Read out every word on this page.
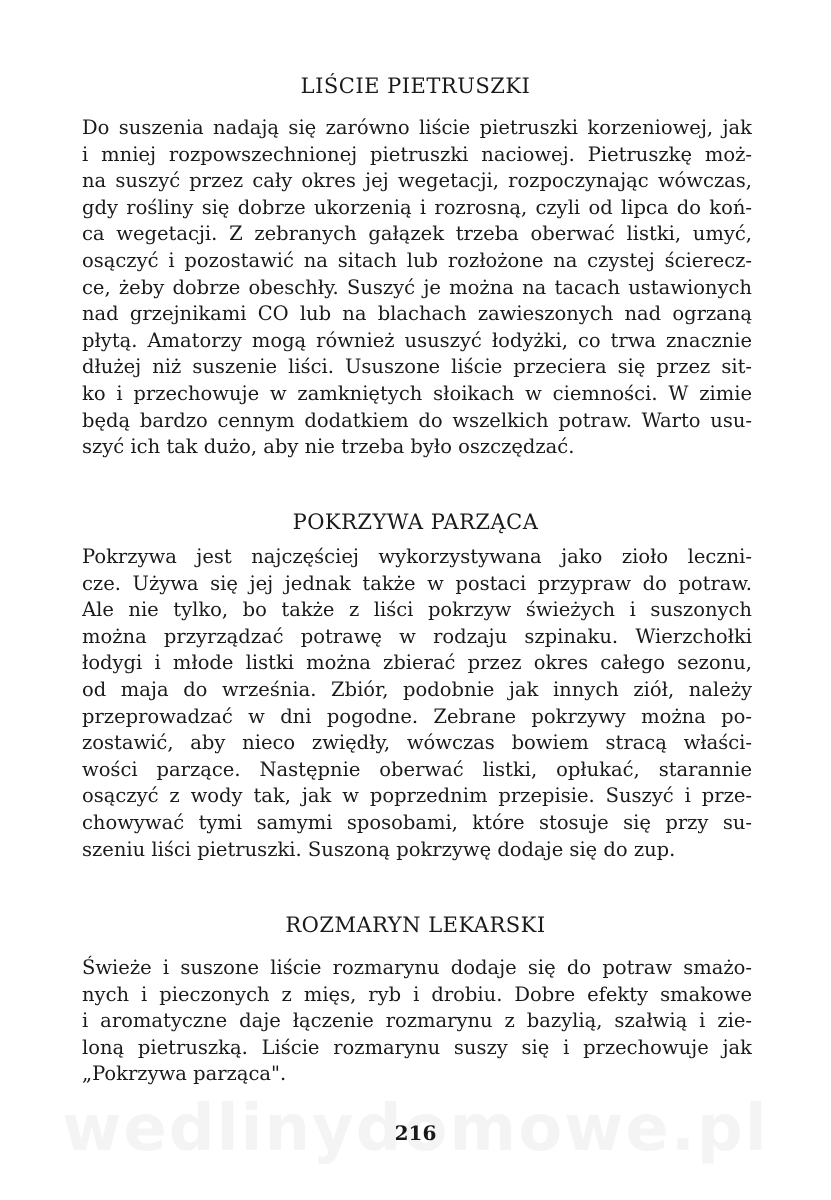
LIŚCIE PIETRUSZKI
Do suszenia nadają się zarówno liście pietruszki korzeniowej, jak
i mniej rozpowszechnionej pietruszki naciowej. Pietruszkę moż-
na suszyć przez cały okres jej wegetacji, rozpoczynając wówczas,
gdy rośliny się dobrze ukorzenią i rozrosną, czyli od lipca do koń-
ca wegetacji. Z zebranych gałązek trzeba oberwać listki, umyć,
osączyć i pozostawić na sitach lub rozłożone na czystej ścierecz-
ce, żeby dobrze obeschły. Suszyć je można na tacach ustawionych
nad grzejnikami CO lub na blachach zawieszonych nad ogrzaną
płytą. Amatorzy mogą również ususzyć łodyżki, co trwa znacznie
dłużej niż suszenie liści. Ususzone liście przeciera się przez sit-
ko i przechowuje w zamkniętych słoikach w ciemności. W zimie
będą bardzo cennym dodatkiem do wszelkich potraw. Warto usu-
szyć ich tak dużo, aby nie trzeba było oszczędzać.
POKRZYWA PARZĄCA
Pokrzywa jest najczęściej wykorzystywana jako zioło leczni-
cze. Używa się jej jednak także w postaci przypraw do potraw.
Ale nie tylko, bo także z liści pokrzyw świeżych i suszonych
można przyrządzać potrawę w rodzaju szpinaku. Wierzchołki
łodygi i młode listki można zbierać przez okres całego sezonu,
od maja do września. Zbiór, podobnie jak innych ziół, należy
przeprowadzać w dni pogodne. Zebrane pokrzywy można po-
zostawić, aby nieco zwiędły, wówczas bowiem stracą właści-
wości parzące. Następnie oberwać listki, opłukać, starannie
osączyć z wody tak, jak w poprzednim przepisie. Suszyć i prze-
chowywać tymi samymi sposobami, które stosuje się przy su-
szeniu liści pietruszki. Suszoną pokrzywę dodaje się do zup.
ROZMARYN LEKARSKI
Świeże i suszone liście rozmarynu dodaje się do potraw smażo-
nych i pieczonych z mięs, ryb i drobiu. Dobre efekty smakowe
i aromatyczne daje łączenie rozmarynu z bazylią, szałwią i zie-
loną pietruszką. Liście rozmarynu suszy się i przechowuje jak
„Pokrzywa parząca".
216
